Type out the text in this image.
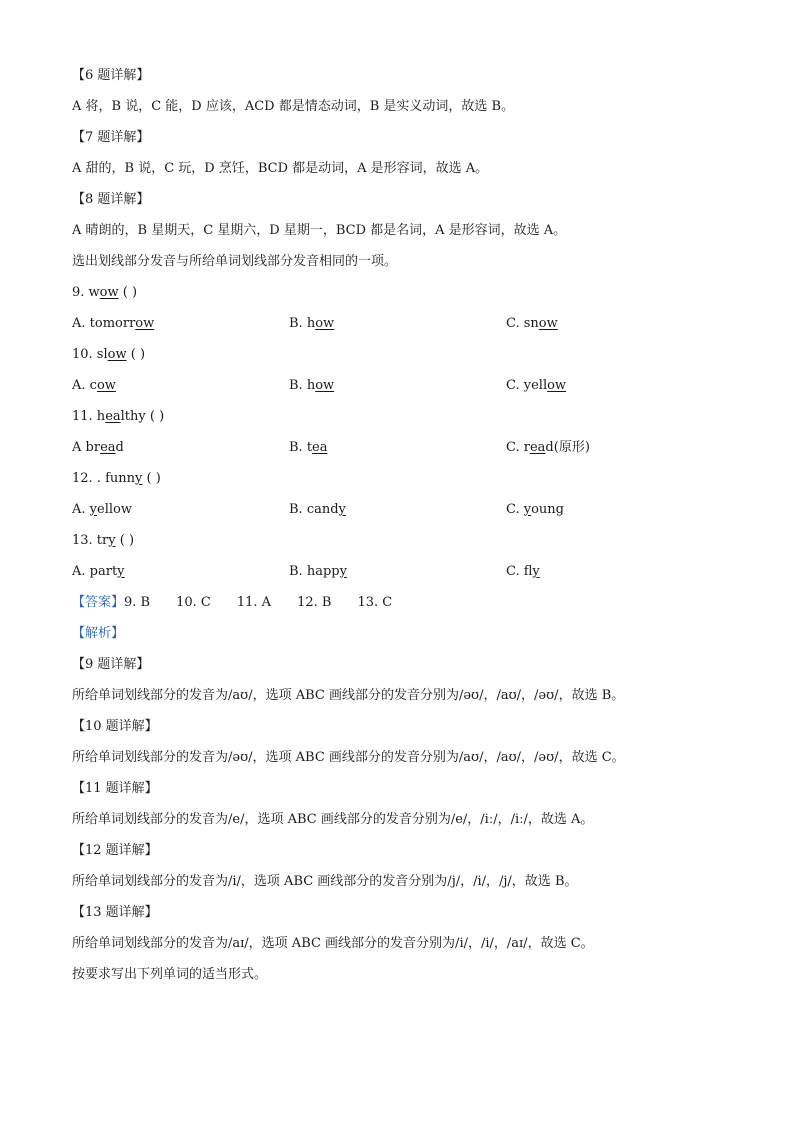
【6 题详解】
A 将，B 说，C 能，D 应该，ACD 都是情态动词，B 是实义动词，故选 B。
【7 题详解】
A 甜的，B 说，C 玩，D 烹饪，BCD 都是动词，A 是形容词，故选 A。
【8 题详解】
A 晴朗的，B 星期天，C 星期六，D 星期一，BCD 都是名词，A 是形容词，故选 A。
选出划线部分发音与所给单词划线部分发音相同的一项。
9. wow ( )
A. tomorrow	B. how	C. snow
10. slow ( )
A. cow	B. how	C. yellow
11. healthy ( )
A bread	B. tea	C. read(原形)
12. . funny ( )
A. yellow	B. candy	C. young
13. try ( )
A. party	B. happy	C. fly
【答案】9. B 10. C 11. A 12. B 13. C
【解析】
【9 题详解】
所给单词划线部分的发音为/aʊ/，选项 ABC 画线部分的发音分别为/əʊ/，/aʊ/，/əʊ/，故选 B。
【10 题详解】
所给单词划线部分的发音为/əʊ/，选项 ABC 画线部分的发音分别为/aʊ/，/aʊ/，/əʊ/，故选 C。
【11 题详解】
所给单词划线部分的发音为/e/，选项 ABC 画线部分的发音分别为/e/，/iː/，/iː/，故选 A。
【12 题详解】
所给单词划线部分的发音为/i/，选项 ABC 画线部分的发音分别为/j/，/i/，/j/，故选 B。
【13 题详解】
所给单词划线部分的发音为/aɪ/，选项 ABC 画线部分的发音分别为/i/，/i/，/aɪ/，故选 C。
按要求写出下列单词的适当形式。
